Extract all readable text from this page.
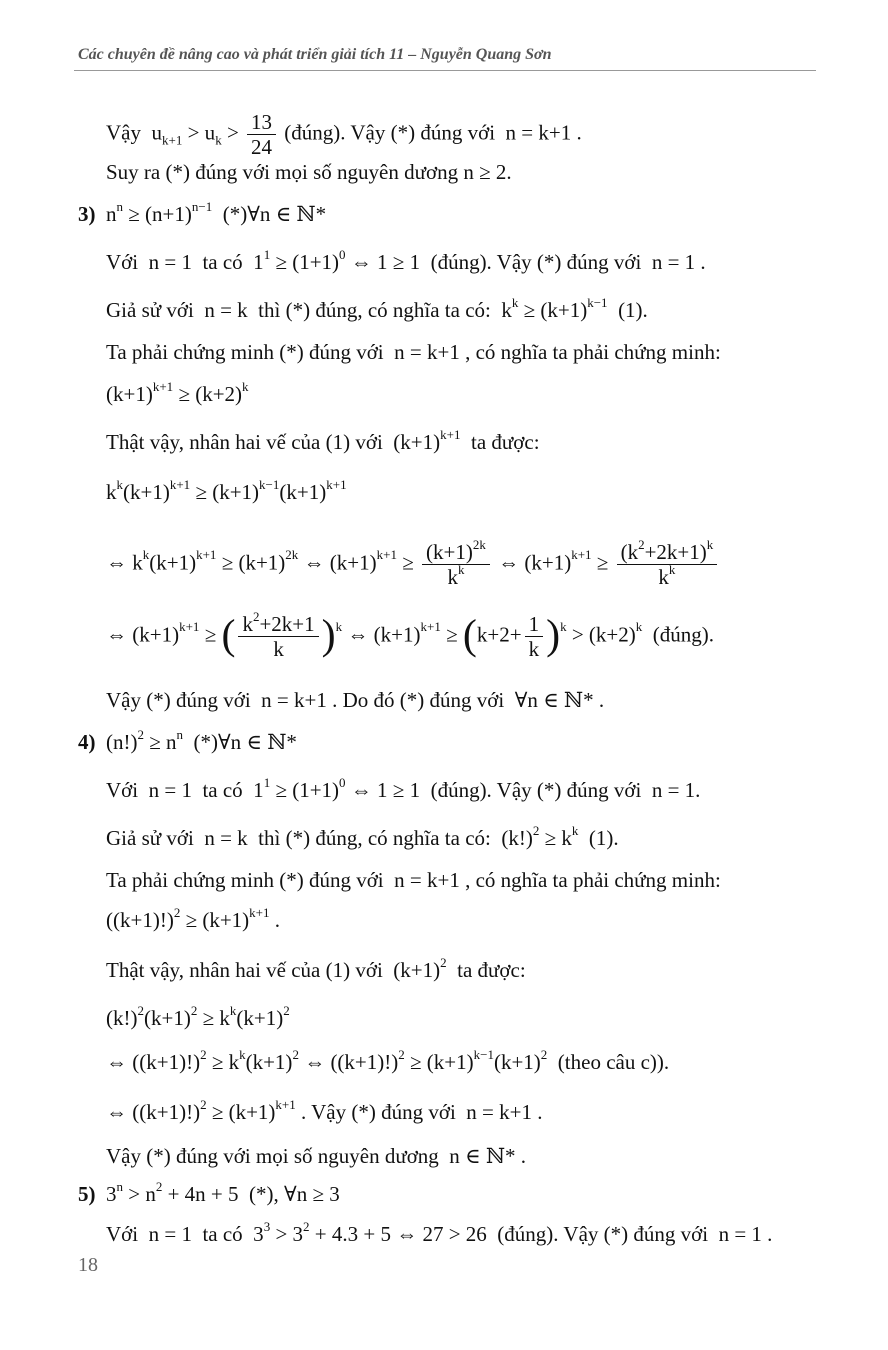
Các chuyên đề nâng cao và phát triển giải tích 11 – Nguyễn Quang Sơn
Vậy  $u_{k+1} > u_k > \frac{13}{24}$ (đúng). Vậy (*) đúng với  n = k+1 .
Suy ra (*) đúng với mọi số nguyên dương n ≥ 2.
3) $n^n \ge (n+1)^{n-1}$  (*)∀n ∈ ℕ*
Với  n = 1  ta có  $1^1 \ge (1+1)^0$ ⇔ 1 ≥ 1  (đúng). Vậy (*) đúng với  n = 1 .
Giả sử với  n = k  thì (*) đúng, có nghĩa ta có:  $k^k \ge (k+1)^{k-1}$  (1).
Ta phải chứng minh (*) đúng với  n = k+1 , có nghĩa ta phải chứng minh:
$(k+1)^{k+1} \ge (k+2)^k$
Thật vậy, nhân hai vế của (1) với  $(k+1)^{k+1}$  ta được:
$k^k(k+1)^{k+1} \ge (k+1)^{k-1}(k+1)^{k+1}$
⇔ $k^k(k+1)^{k+1} \ge (k+1)^{2k}$ ⇔ $(k+1)^{k+1} \ge \frac{(k+1)^{2k}}{k^k}$ ⇔ $(k+1)^{k+1} \ge \frac{(k^2+2k+1)^k}{k^k}$
⇔ $(k+1)^{k+1}$ ≥ ( $\frac{k^2+2k+1}{k} )^k$ ⇔ $(k+1)^{k+1} \ge (k+2+ \frac{1}{k} )^k > (k+2)^k$  (đúng).
Vậy (*) đúng với  n = k+1 . Do đó (*) đúng với  ∀n ∈ ℕ* .
4) $(n!)^2 \ge n^n$  (*)∀n ∈ ℕ*
Với  n = 1  ta có  $1^1 \ge (1+1)^0$ ⇔ 1 ≥ 1  (đúng). Vậy (*) đúng với  n = 1.
Giả sử với  n = k  thì (*) đúng, có nghĩa ta có:  $(k!)^2 \ge k^k$  (1).
Ta phải chứng minh (*) đúng với  n = k+1 , có nghĩa ta phải chứng minh:
$((k+1)!)^2 \ge (k+1)^{k+1}$ .
Thật vậy, nhân hai vế của (1) với  $(k+1)^2$  ta được:
$(k!)^2(k+1)^2 \ge k^k(k+1)^2$
⇔ $((k+1)!)^2 \ge k^k(k+1)^2$ ⇔ $((k+1)!)^2 \ge (k+1)^{k-1}(k+1)^2$  (theo câu c)).
⇔ $((k+1)!)^2 \ge (k+1)^{k+1}$ . Vậy (*) đúng với  n = k+1 .
Vậy (*) đúng với mọi số nguyên dương  n ∈ ℕ* .
5) $3^n > n^2 + 4n + 5$  (*), ∀n ≥ 3
Với  n = 1  ta có  $3^3 > 3^2 + 4.3 + 5$ ⇔ 27 > 26  (đúng). Vậy (*) đúng với  n = 1 .
18
